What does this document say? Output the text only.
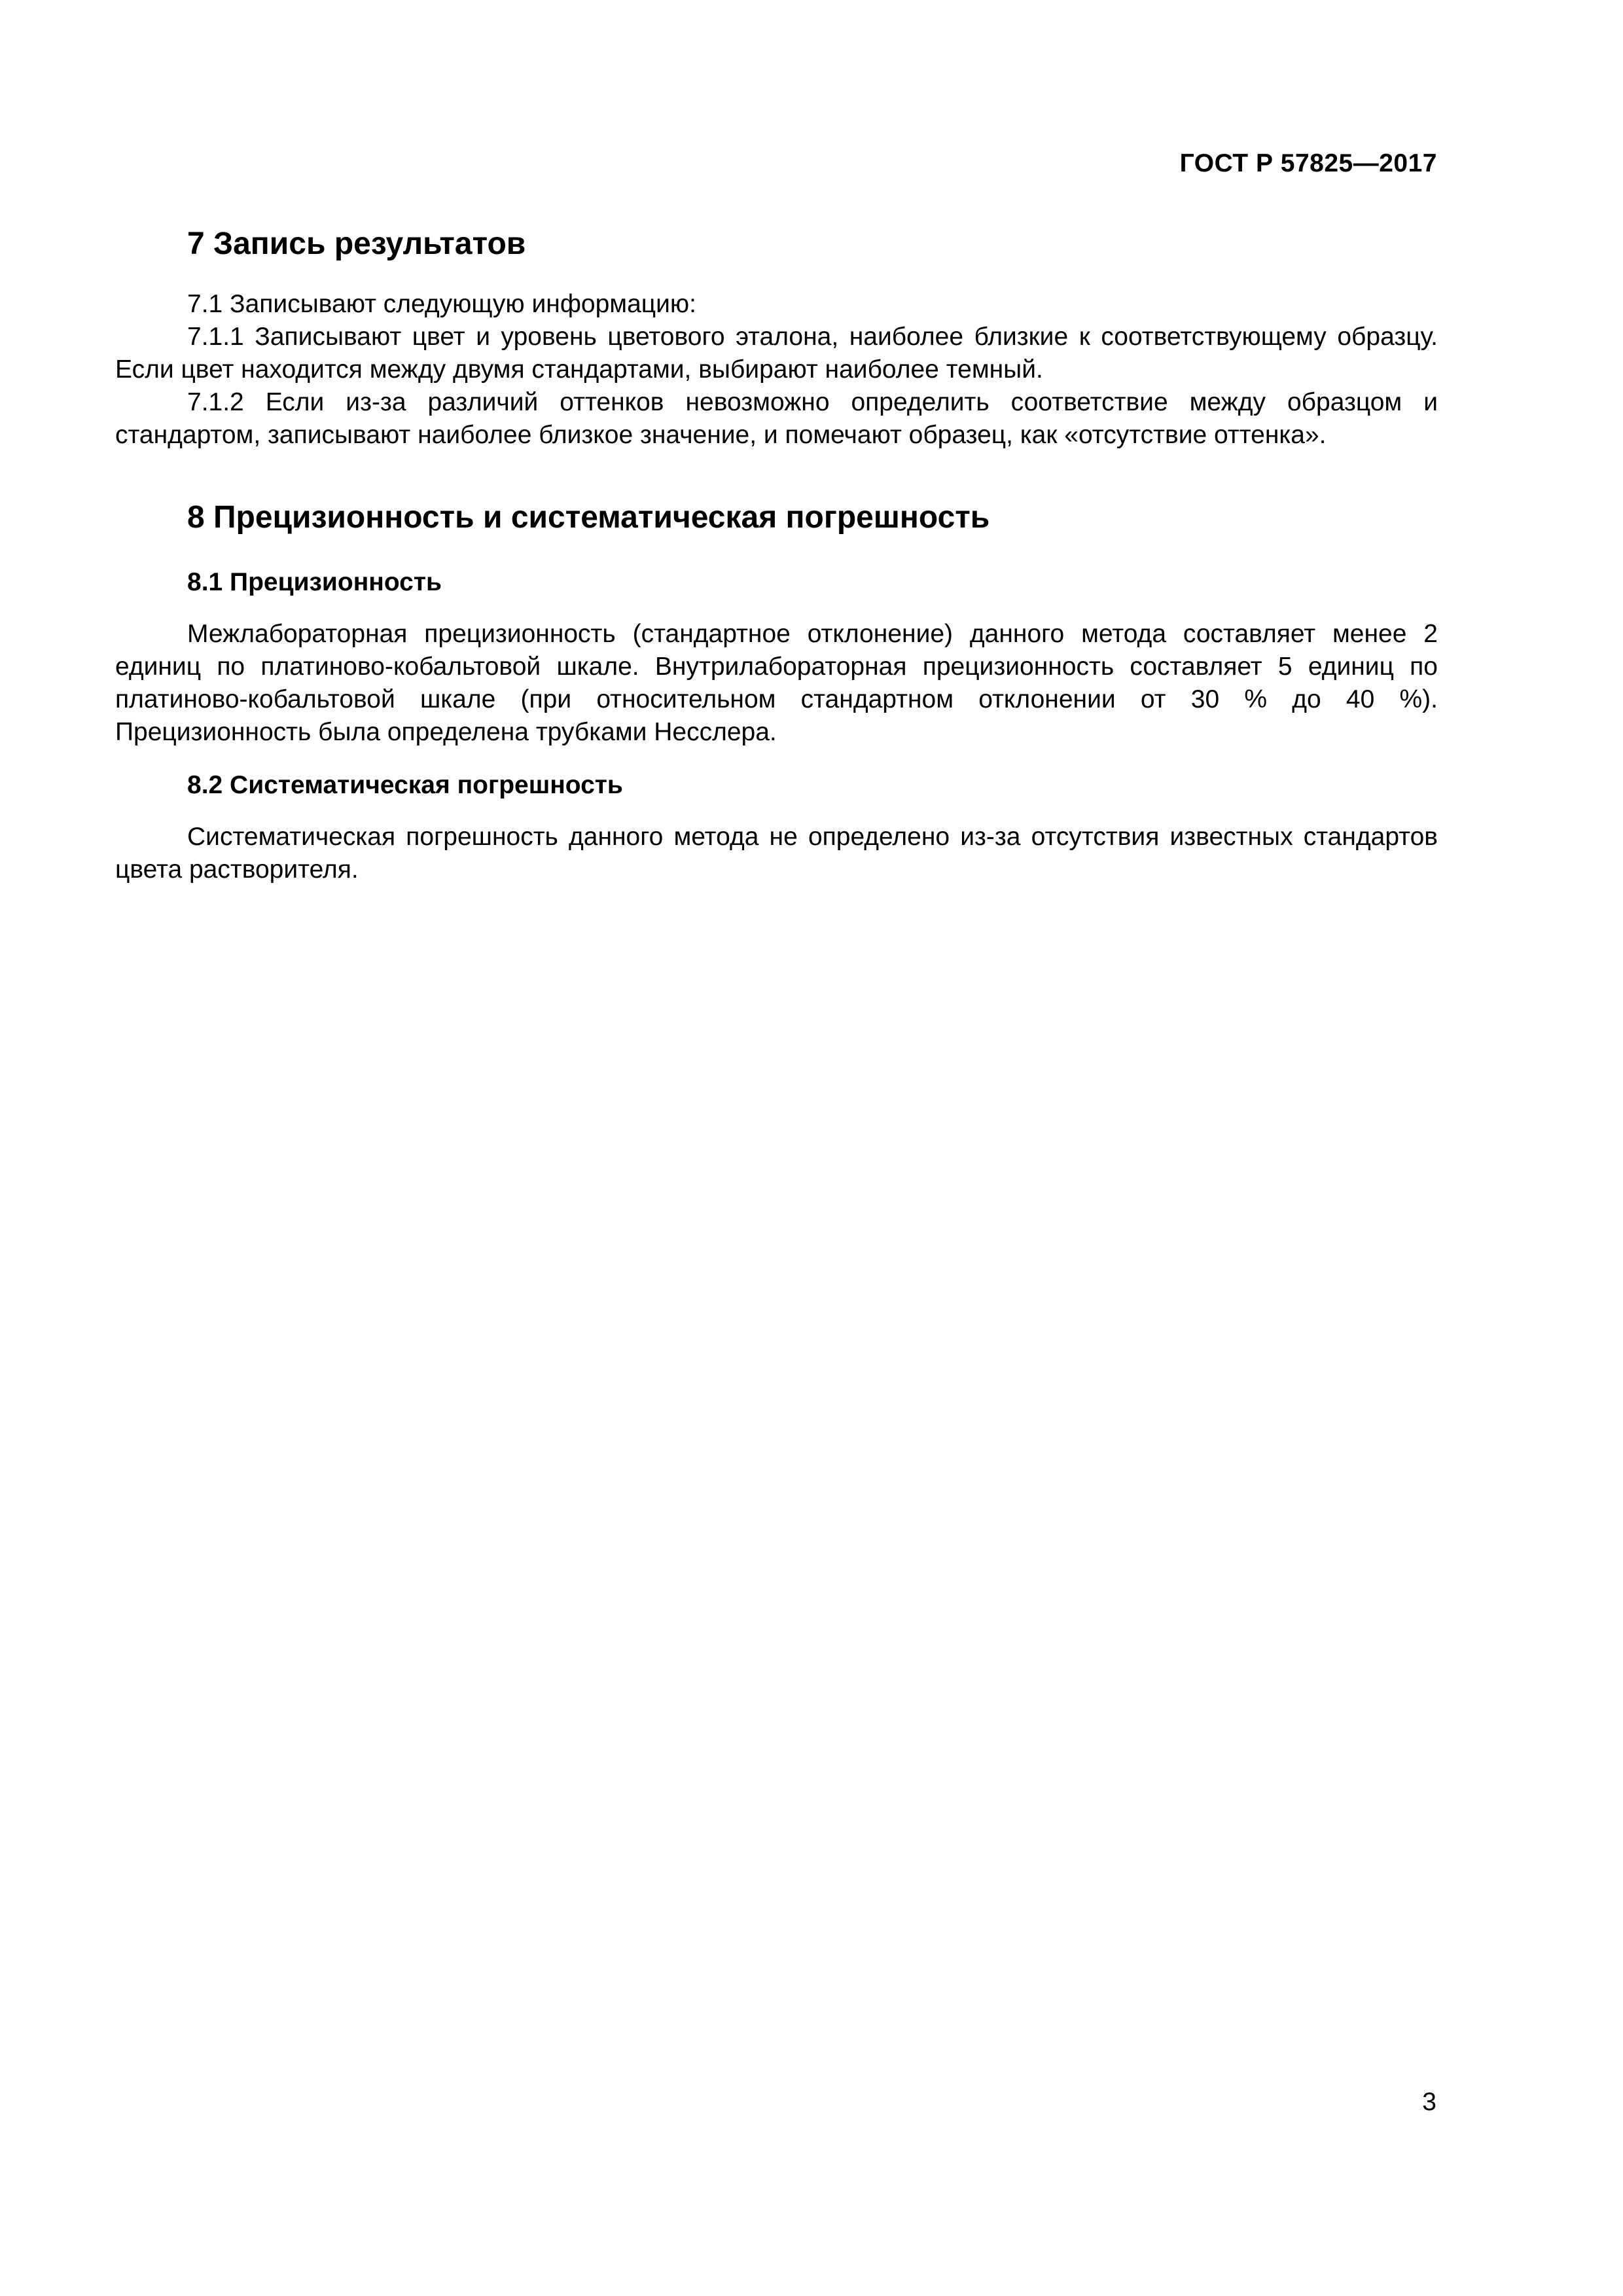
ГОСТ Р 57825—2017
7 Запись результатов

7.1 Записывают следующую информацию:

7.1.1 Записывают цвет и уровень цветового эталона, наиболее близкие к соответствующему образцу. Если цвет находится между двумя стандартами, выбирают наиболее темный.

7.1.2 Если из-за различий оттенков невозможно определить соответствие между образцом и стандартом, записывают наиболее близкое значение, и помечают образец, как «отсутствие оттенка».

8 Прецизионность и систематическая погрешность
8.1 Прецизионность

Межлабораторная прецизионность (стандартное отклонение) данного метода составляет менее 2 единиц по платиново-кобальтовой шкале. Внутрилабораторная прецизионность составляет 5 единиц по платиново-кобальтовой шкале (при относительном стандартном отклонении от 30 % до 40 %). Прецизионность была определена трубками Несслера.

8.2 Систематическая погрешность

Систематическая погрешность данного метода не определено из-за отсутствия известных стандартов цвета растворителя.

3
